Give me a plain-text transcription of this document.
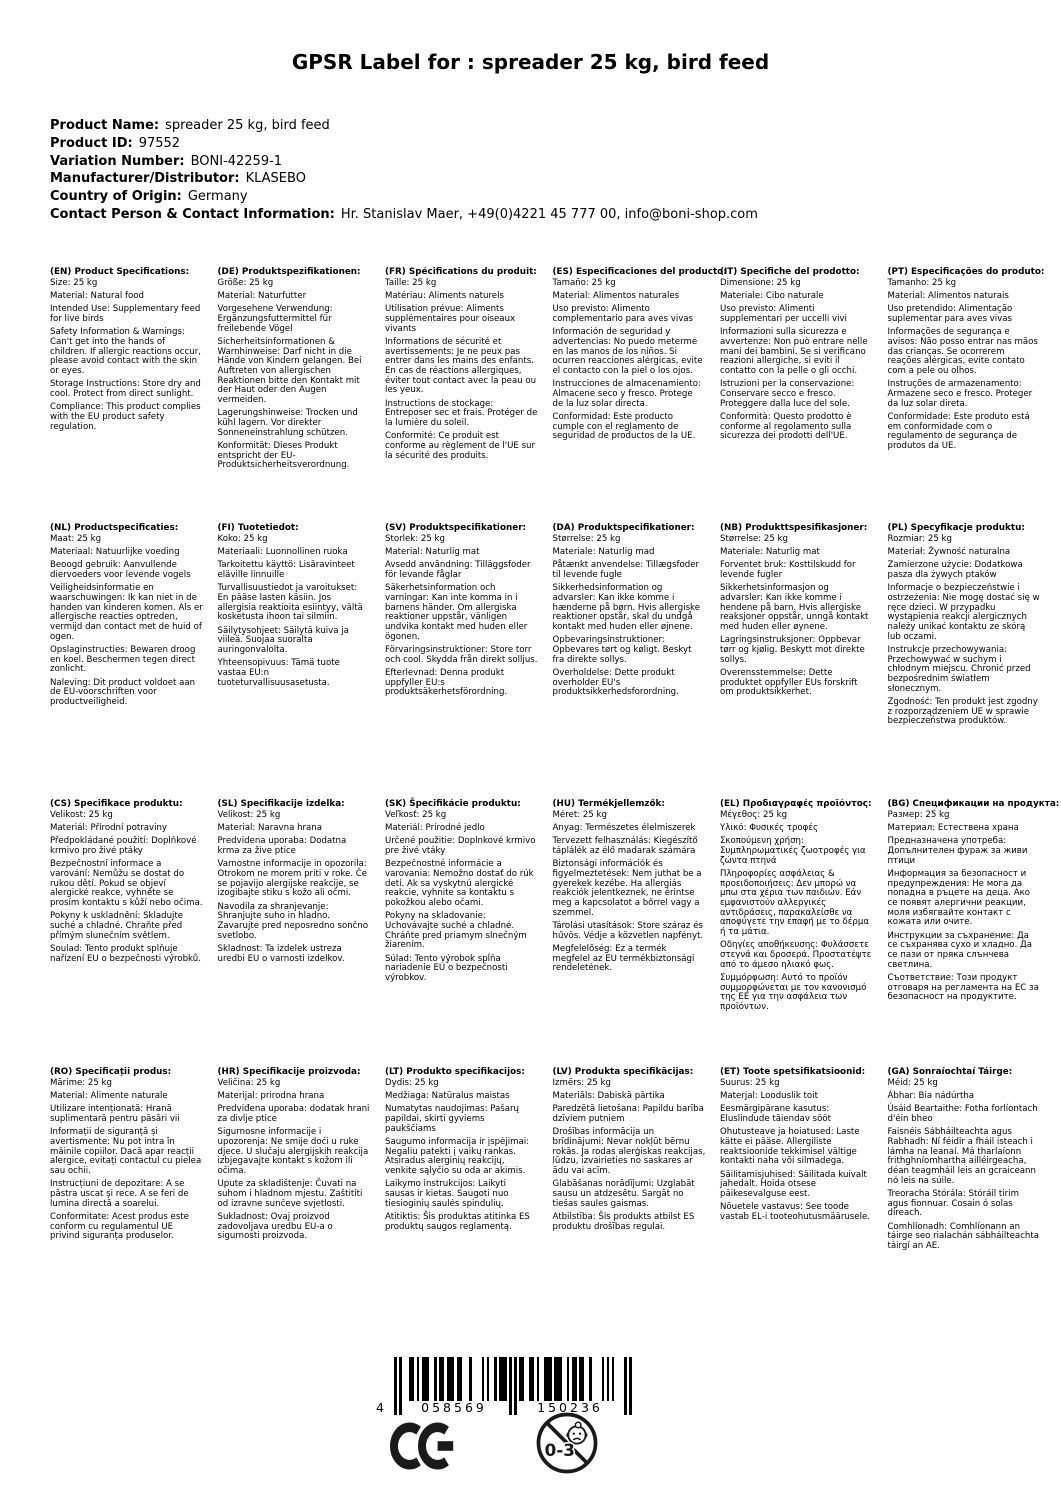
GPSR Label for : spreader 25 kg, bird feed
Product Name: spreader 25 kg, bird feed
Product ID: 97552
Variation Number: BONI-42259-1
Manufacturer/Distributor: KLASEBO
Country of Origin: Germany
Contact Person & Contact Information: Hr. Stanislav Maer, +49(0)4221 45 777 00, info@boni-shop.com
(EN) Product Specifications:

Size: 25 kg

Material: Natural food

Intended Use: Supplementary feed for live birds

Safety Information & Warnings: Can't get into the hands of children. If allergic reactions occur, please avoid contact with the skin or eyes.

Storage Instructions: Store dry and cool. Protect from direct sunlight.

Compliance: This product complies with the EU product safety regulation.

(DE) Produktspezifikationen:

Größe: 25 kg

Material: Naturfutter

Vorgesehene Verwendung: Ergänzungsfuttermittel für freilebende Vögel

Sicherheitsinformationen & Warnhinweise: Darf nicht in die Hände von Kindern gelangen. Bei Auftreten von allergischen Reaktionen bitte den Kontakt mit der Haut oder den Augen vermeiden.

Lagerungshinweise: Trocken und kühl lagern. Vor direkter Sonneneinstrahlung schützen.

Konformität: Dieses Produkt entspricht der EU-Produktsicherheitsverordnung.

(FR) Spécifications du produit:

Taille: 25 kg

Matériau: Aliments naturels

Utilisation prévue: Aliments supplémentaires pour oiseaux vivants

Informations de sécurité et avertissements: Je ne peux pas entrer dans les mains des enfants. En cas de réactions allergiques, éviter tout contact avec la peau ou les yeux.

Instructions de stockage: Entreposer sec et frais. Protéger de la lumière du soleil.

Conformité: Ce produit est conforme au règlement de l'UE sur la sécurité des produits.

(ES) Especificaciones del producto:

Tamaño: 25 kg

Material: Alimentos naturales

Uso previsto: Alimento complementario para aves vivas

Información de seguridad y advertencias: No puedo meterme en las manos de los niños. Si ocurren reacciones alérgicas, evite el contacto con la piel o los ojos.

Instrucciones de almacenamiento: Almacene seco y fresco. Protege de la luz solar directa.

Conformidad: Este producto cumple con el reglamento de seguridad de productos de la UE.

(IT) Specifiche del prodotto:

Dimensione: 25 kg

Materiale: Cibo naturale

Uso previsto: Alimenti supplementari per uccelli vivi

Informazioni sulla sicurezza e avvertenze: Non può entrare nelle mani dei bambini. Se si verificano reazioni allergiche, si eviti il contatto con la pelle o gli occhi.

Istruzioni per la conservazione: Conservare secco e fresco. Proteggere dalla luce del sole.

Conformità: Questo prodotto è conforme al regolamento sulla sicurezza dei prodotti dell'UE.

(PT) Especificações do produto:

Tamanho: 25 kg

Material: Alimentos naturais

Uso pretendido: Alimentação suplementar para aves vivas

Informações de segurança e avisos: Não posso entrar nas mãos das crianças. Se ocorrerem reações alérgicas, evite contato com a pele ou olhos.

Instruções de armazenamento: Armazene seco e fresco. Proteger da luz solar direta.

Conformidade: Este produto está em conformidade com o regulamento de segurança de produtos da UE.

(NL) Productspecificaties:

Maat: 25 kg

Materiaal: Natuurlijke voeding

Beoogd gebruik: Aanvullende diervoeders voor levende vogels

Veiligheidsinformatie en waarschuwingen: Ik kan niet in de handen van kinderen komen. Als er allergische reacties optreden, vermijd dan contact met de huid of ogen.

Opslaginstructies: Bewaren droog en koel. Beschermen tegen direct zonlicht.

Naleving: Dit product voldoet aan de EU-voorschriften voor productveiligheid.

(FI) Tuotetiedot:

Koko: 25 kg

Materiaali: Luonnollinen ruoka

Tarkoitettu käyttö: Lisäravinteet eläville linnuille

Turvallisuustiedot ja varoitukset: En pääse lasten käsiin. Jos allergisia reaktioita esiintyy, vältä kosketusta ihoon tai silmiin.

Säilytysohjeet: Säilytä kuiva ja viileä. Suojaa suoralta auringonvalolta.

Yhteensopivuus: Tämä tuote vastaa EU:n tuoteturvallisuusasetusta.

(SV) Produktspecifikationer:

Storlek: 25 kg

Material: Naturlig mat

Avsedd användning: Tilläggsfoder för levande fåglar

Säkerhetsinformation och varningar: Kan inte komma in i barnens händer. Om allergiska reaktioner uppstår, vänligen undvika kontakt med huden eller ögonen.

Förvaringsinstruktioner: Store torr och cool. Skydda från direkt solljus.

Efterlevnad: Denna produkt uppfyller EU:s produktsäkerhetsförordning.

(DA) Produktspecifikationer:

Størrelse: 25 kg

Materiale: Naturlig mad

Påtænkt anvendelse: Tillægsfoder til levende fugle

Sikkerhedsinformation og advarsler: Kan ikke komme i hænderne på børn. Hvis allergiske reaktioner opstår, skal du undgå kontakt med huden eller øjnene.

Opbevaringsinstruktioner: Opbevares tørt og køligt. Beskyt fra direkte sollys.

Overholdelse: Dette produkt overholder EU's produktsikkerhedsforordning.

(NB) Produkttspesifikasjoner:

Størrelse: 25 kg

Materiale: Naturlig mat

Forventet bruk: Kosttilskudd for levende fugler

Sikkerhetsinformasjon og advarsler: Kan ikke komme i hendene på barn. Hvis allergiske reaksjoner oppstår, unngå kontakt med huden eller øynene.

Lagringsinstruksjoner: Oppbevar tørr og kjølig. Beskytt mot direkte sollys.

Overensstemmelse: Dette produktet oppfyller EUs forskrift om produktsikkerhet.

(PL) Specyfikacje produktu:

Rozmiar: 25 kg

Materiał: Żywność naturalna

Zamierzone użycie: Dodatkowa pasza dla żywych ptaków

Informacje o bezpieczeństwie i ostrzeżenia: Nie mogę dostać się w ręce dzieci. W przypadku wystąpienia reakcji alergicznych należy unikać kontaktu ze skórą lub oczami.

Instrukcje przechowywania: Przechowywać w suchym i chłodnym miejscu. Chronić przed bezpośrednim światłem słonecznym.

Zgodność: Ten produkt jest zgodny z rozporządzeniem UE w sprawie bezpieczeństwa produktów.

(CS) Specifikace produktu:

Velikost: 25 kg

Materiál: Přírodní potraviny

Předpokládané použití: Doplňkové krmivo pro živé ptáky

Bezpečnostní informace a varování: Nemůžu se dostat do rukou dětí. Pokud se objeví alergické reakce, vyhněte se prosím kontaktu s kůží nebo očima.

Pokyny k uskladnění: Skladujte suché a chladné. Chraňte před přímým slunečním světlem.

Soulad: Tento produkt splňuje nařízení EU o bezpečnosti výrobků.

(SL) Specifikacije izdelka:

Velikost: 25 kg

Material: Naravna hrana

Predvidena uporaba: Dodatna krma za žive ptice

Varnostne informacije in opozorila: Otrokom ne morem priti v roke. Če se pojavijo alergijske reakcije, se izogibajte stiku s kožo ali očmi.

Navodila za shranjevanje: Shranjujte suho in hladno. Zavarujte pred neposredno sončno svetlobo.

Skladnost: Ta izdelek ustreza uredbi EU o varnosti izdelkov.

(SK) Špecifikácie produktu:

Veľkosť: 25 kg

Materiál: Prírodné jedlo

Určené použitie: Doplnkové krmivo pre živé vtáky

Bezpečnostné informácie a varovania: Nemožno dostať do rúk detí. Ak sa vyskytnú alergické reakcie, vyhnite sa kontaktu s pokožkou alebo očami.

Pokyny na skladovanie: Uchovávajte suché a chladné. Chráňte pred priamym slnečným žiarením.

Súlad: Tento výrobok spĺňa nariadenie EÚ o bezpečnosti výrobkov.

(HU) Termékjellemzők:

Méret: 25 kg

Anyag: Természetes élelmiszerek

Tervezett felhasználás: Kiegészítő táplálék az élő madarak számára

Biztonsági információk és figyelmeztetések: Nem juthat be a gyerekek kezébe. Ha allergiás reakciók jelentkeznek, ne érintse meg a kapcsolatot a bőrrel vagy a szemmel.

Tárolási utasítások: Store száraz és hűvös. Védje a közvetlen napfényt.

Megfelelőség: Ez a termék megfelel az EU termékbiztonsági rendeletének.

(EL) Προδιαγραφές προϊόντος:

Μέγεθος: 25 kg

Υλικό: Φυσικές τροφές

Σκοπούμενη χρήση: Συμπληρωματικές ζωοτροφές για ζώντα πτηνά

Πληροφορίες ασφάλειας & προειδοποιήσεις: Δεν μπορώ να μπω στα χέρια των παιδιών. Εάν εμφανιστούν αλλεργικές αντιδράσεις, παρακαλείσθε να αποφύγετε την επαφή με το δέρμα ή τα μάτια.

Οδηγίες αποθήκευσης: Φυλάσσετε στεγνά και δροσερά. Προστατέψτε από το άμεσο ηλιακό φως.

Συμμόρφωση: Αυτό το προϊόν συμμορφώνεται με τον κανονισμό της ΕΕ για την ασφάλεια των προϊόντων.

(BG) Спецификации на продукта:

Размер: 25 kg

Материал: Естествена храна

Предназначена употреба: Допълнителен фураж за живи птици

Информация за безопасност и предупреждения: Не мога да попадна в ръцете на деца. Ако се появят алергични реакции, моля избягвайте контакт с кожата или очите.

Инструкции за съхранение: Да се съхранява сухо и хладно. Да се пази от пряка слънчева светлина.

Съответствие: Този продукт отговаря на регламента на ЕС за безопасност на продуктите.

(RO) Specificații produs:

Mărime: 25 kg

Material: Alimente naturale

Utilizare intenționată: Hrană suplimentară pentru păsări vii

Informații de siguranță și avertismente: Nu pot intra în mâinile copiilor. Dacă apar reacții alergice, evitați contactul cu pielea sau ochii.

Instrucțiuni de depozitare: A se păstra uscat și rece. A se feri de lumina directă a soarelui.

Conformitate: Acest produs este conform cu regulamentul UE privind siguranța produselor.

(HR) Specifikacije proizvoda:

Veličina: 25 kg

Materijal: prirodna hrana

Predviđena uporaba: dodatak hrani za divlje ptice

Sigurnosne informacije i upozorenja: Ne smije doći u ruke djece. U slučaju alergijskih reakcija izbjegavajte kontakt s kožom ili očima.

Upute za skladištenje: Čuvati na suhom i hladnom mjestu. Zaštititi od izravne sunčeve svjetlosti.

Sukladnost: Ovaj proizvod zadovoljava uredbu EU-a o sigurnosti proizvoda.

(LT) Produkto specifikacijos:

Dydis: 25 kg

Medžiaga: Natūralus maistas

Numatytas naudojimas: Pašarų papildai, skirti gyviems paukščiams

Saugumo informacija ir įspėjimai: Negaliu patekti į vaikų rankas. Atsiradus alerginių reakcijų, venkite sąlyčio su oda ar akimis.

Laikymo instrukcijos: Laikyti sausas ir kietas. Saugoti nuo tiesioginių saulės spindulių.

Atitiktis: Šis produktas atitinka ES produktų saugos reglamentą.

(LV) Produkta specifikācijas:

Izmērs: 25 kg

Materiāls: Dabiskā pārtika

Paredzētā lietošana: Papildu barība dzīviem putniem

Drošības informācija un brīdinājumi: Nevar nokļūt bērnu rokās. Ja rodas alerģiskas reakcijas, lūdzu, izvairieties no saskares ar ādu vai acīm.

Glabāšanas norādījumi: Uzglabāt sausu un atdzesētu. Sargāt no tiešas saules gaismas.

Atbilstība: Šis produkts atbilst ES produktu drošības regulai.

(ET) Toote spetsifikatsioonid:

Suurus: 25 kg

Materjal: Looduslik toit

Eesmärgipärane kasutus: Eluslindude täiendav sööt

Ohutusteave ja hoiatused: Laste kätte ei pääse. Allergiliste reaktsioonide tekkimisel vältige kontakti naha või silmadega.

Säilitamisjuhised: Säilitada kuivalt jahedalt. Hoida otsese päikesevalguse eest.

Nõuetele vastavus: See toode vastab EL-i tooteohutusmäärusele.

(GA) Sonraíochtaí Táirge:

Méid: 25 kg

Ábhar: Bia nádúrtha

Úsáid Beartaithe: Fotha forlíontach d'éin bheo

Faisnéis Sábháilteachta agus Rabhadh: Ní féidir a fháil isteach i lámha na leanaí. Má tharlaíonn frithghníomhartha ailléirgeacha, déan teagmháil leis an gcraiceann nó leis na súile.

Treoracha Stórála: Stóráil tirim agus fionnuar. Cosain ó solas díreach.

Comhlíonadh: Comhlíonann an táirge seo rialachán sábháilteachta táirgí an AE.

4	058569	150236
0-3
